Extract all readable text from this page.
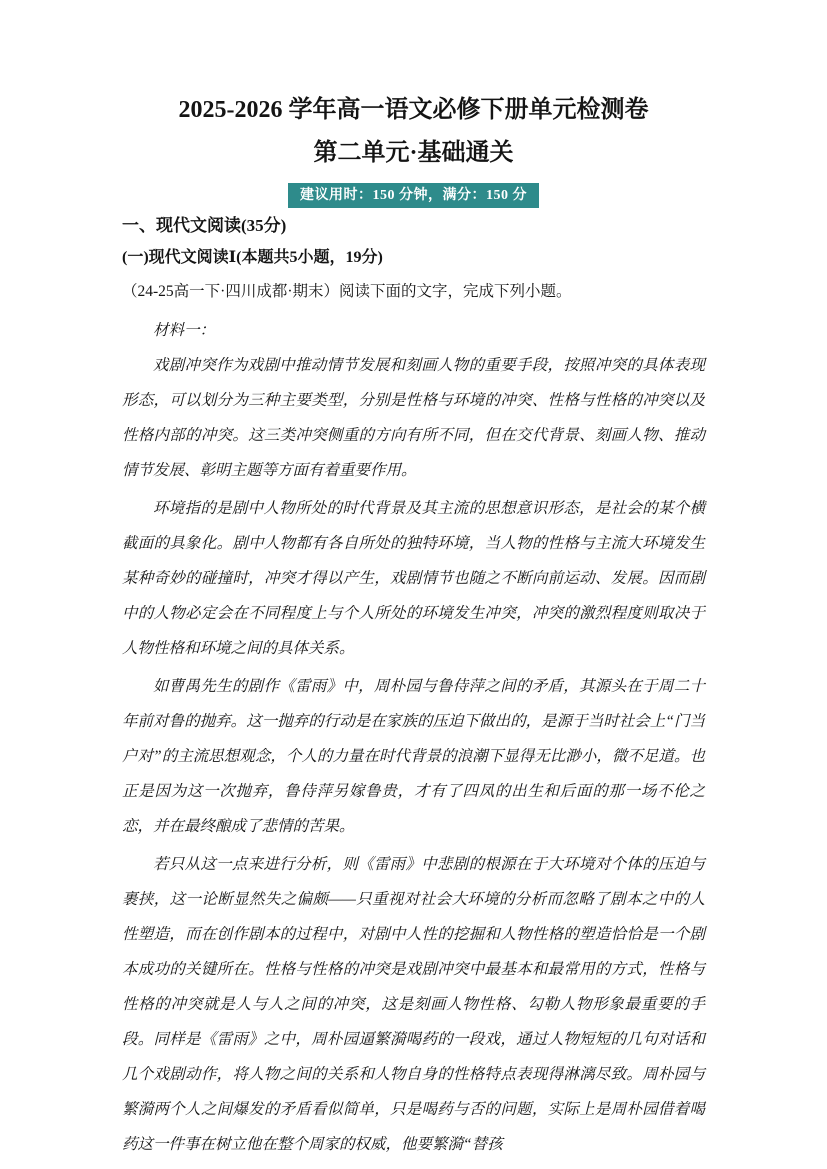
2025-2026 学年高一语文必修下册单元检测卷
第二单元·基础通关
建议用时：150 分钟，满分：150 分
一、现代文阅读(35分)
(一)现代文阅读Ⅰ(本题共5小题，19分)

（24-25高一下·四川成都·期末）阅读下面的文字，完成下列小题。

材料一：

戏剧冲突作为戏剧中推动情节发展和刻画人物的重要手段，按照冲突的具体表现形态，可以划分为三种主要类型，分别是性格与环境的冲突、性格与性格的冲突以及性格内部的冲突。这三类冲突侧重的方向有所不同，但在交代背景、刻画人物、推动情节发展、彰明主题等方面有着重要作用。

环境指的是剧中人物所处的时代背景及其主流的思想意识形态，是社会的某个横截面的具象化。剧中人物都有各自所处的独特环境，当人物的性格与主流大环境发生某种奇妙的碰撞时，冲突才得以产生，戏剧情节也随之不断向前运动、发展。因而剧中的人物必定会在不同程度上与个人所处的环境发生冲突，冲突的激烈程度则取决于人物性格和环境之间的具体关系。

如曹禺先生的剧作《雷雨》中，周朴园与鲁侍萍之间的矛盾，其源头在于周二十年前对鲁的抛弃。这一抛弃的行动是在家族的压迫下做出的，是源于当时社会上“门当户对”的主流思想观念，个人的力量在时代背景的浪潮下显得无比渺小，微不足道。也正是因为这一次抛弃，鲁侍萍另嫁鲁贵，才有了四凤的出生和后面的那一场不伦之恋，并在最终酿成了悲情的苦果。

若只从这一点来进行分析，则《雷雨》中悲剧的根源在于大环境对个体的压迫与裹挟，这一论断显然失之偏颇——只重视对社会大环境的分析而忽略了剧本之中的人性塑造，而在创作剧本的过程中，对剧中人性的挖掘和人物性格的塑造恰恰是一个剧本成功的关键所在。性格与性格的冲突是戏剧冲突中最基本和最常用的方式，性格与性格的冲突就是人与人之间的冲突，这是刻画人物性格、勾勒人物形象最重要的手段。同样是《雷雨》之中，周朴园逼繁漪喝药的一段戏，通过人物短短的几句对话和几个戏剧动作，将人物之间的关系和人物自身的性格特点表现得淋漓尽致。周朴园与繁漪两个人之间爆发的矛盾看似简单，只是喝药与否的问题，实际上是周朴园借着喝药这一件事在树立他在整个周家的权威，他要繁漪“替孩
